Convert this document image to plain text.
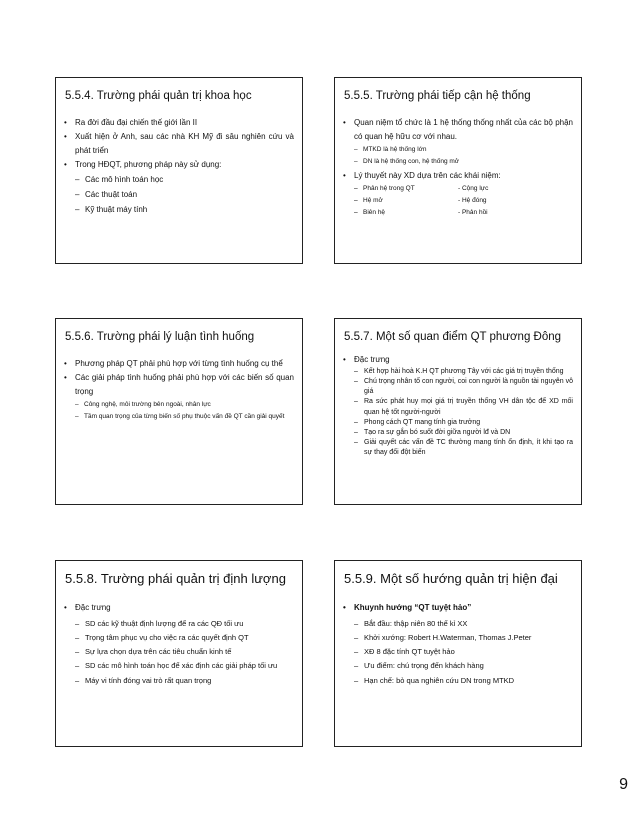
5.5.4. Trường phái quản trị khoa học
• Ra đời đầu đại chiến thế giới lần II
• Xuất hiện ở Anh, sau các nhà KH Mỹ đi sâu nghiên cứu và phát triển
• Trong HĐQT, phương pháp này sử dụng:
– Các mô hình toán học
– Các thuật toán
– Kỹ thuật máy tính
5.5.5. Trường phái tiếp cận hệ thống
• Quan niệm tổ chức là 1 hệ thống thống nhất của các bộ phận có quan hệ hữu cơ với nhau.
– MTKD là hệ thống lớn
– DN là hệ thống con, hệ thống mở
• Lý thuyết này XD dựa trên các khái niệm:
– – Phân hệ trong QT	- Cộng lực
– – Hệ mở	- Hệ đóng
– – Biên hệ	- Phản hồi
5.5.6. Trường phái lý luận tình huống
• Phương pháp QT phải phù hợp với từng tình huống cụ thể
• Các giải pháp tình huống phải phù hợp với các biến số quan trọng
– Công nghệ, môi trường bên ngoài, nhân lực
– Tầm quan trọng của từng biến số phụ thuộc vấn đề QT cần giải quyết
5.5.7. Một số quan điểm QT phương Đông
• Đặc trưng
– Kết hợp hài hoà K.H QT phương Tây với các giá trị truyền thống
– Chú trọng nhân tố con người, coi con người là nguồn tài nguyên vô giá
– Ra sức phát huy mọi giá trị truyền thống VH dân tộc để XD mối quan hệ tốt người-người
– Phong cách QT mang tính gia trưởng
– Tạo ra sự gắn bó suốt đời giữa người lđ và DN
– Giải quyết các vấn đề TC thường mang tính ổn định, ít khi tạo ra sự thay đổi đột biến
5.5.8. Trường phái quản trị định lượng
• Đặc trưng
– SD các kỹ thuật định lượng để ra các QĐ tối ưu
– Trọng tâm phục vụ cho việc ra các quyết định QT
– Sự lựa chọn dựa trên các tiêu chuẩn kinh tế
– SD các mô hình toán học để xác định các giải pháp tối ưu
– Máy vi tính đóng vai trò rất quan trọng
5.5.9. Một số hướng quản trị hiện đại
• Khuynh hướng “QT tuyệt hảo”
– Bắt đầu: thập niên 80 thế kỉ XX
– Khởi xướng: Robert H.Waterman, Thomas J.Peter
– XĐ 8 đặc tính QT tuyệt hảo
– Ưu điểm: chú trọng đến khách hàng
– Hạn chế: bỏ qua nghiên cứu DN trong MTKD
9
